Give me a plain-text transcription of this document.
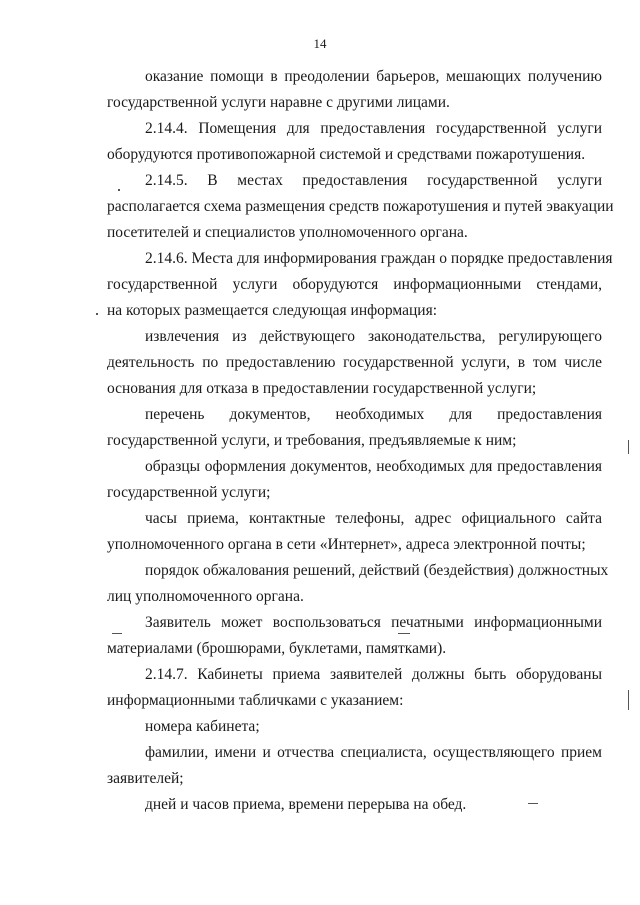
14

оказание помощи в преодолении барьеров, мешающих получению
государственной услуги наравне с другими лицами.

2.14.4. Помещения для предоставления государственной услуги
оборудуются противопожарной системой и средствами пожаротушения.

2.14.5. В местах предоставления государственной услуги
располагается схема размещения средств пожаротушения и путей эвакуации
посетителей и специалистов уполномоченного органа.

2.14.6. Места для информирования граждан о порядке предоставления
государственной услуги оборудуются информационными стендами,
на которых размещается следующая информация:

извлечения из действующего законодательства, регулирующего
деятельность по предоставлению государственной услуги, в том числе
основания для отказа в предоставлении государственной услуги;

перечень документов, необходимых для предоставления
государственной услуги, и требования, предъявляемые к ним;

образцы оформления документов, необходимых для предоставления
государственной услуги;

часы приема, контактные телефоны, адрес официального сайта
уполномоченного органа в сети «Интернет», адреса электронной почты;

порядок обжалования решений, действий (бездействия) должностных
лиц уполномоченного органа.

Заявитель может воспользоваться печатными информационными
материалами (брошюрами, буклетами, памятками).

2.14.7. Кабинеты приема заявителей должны быть оборудованы
информационными табличками с указанием:

номера кабинета;

фамилии, имени и отчества специалиста, осуществляющего прием
заявителей;

дней и часов приема, времени перерыва на обед.
